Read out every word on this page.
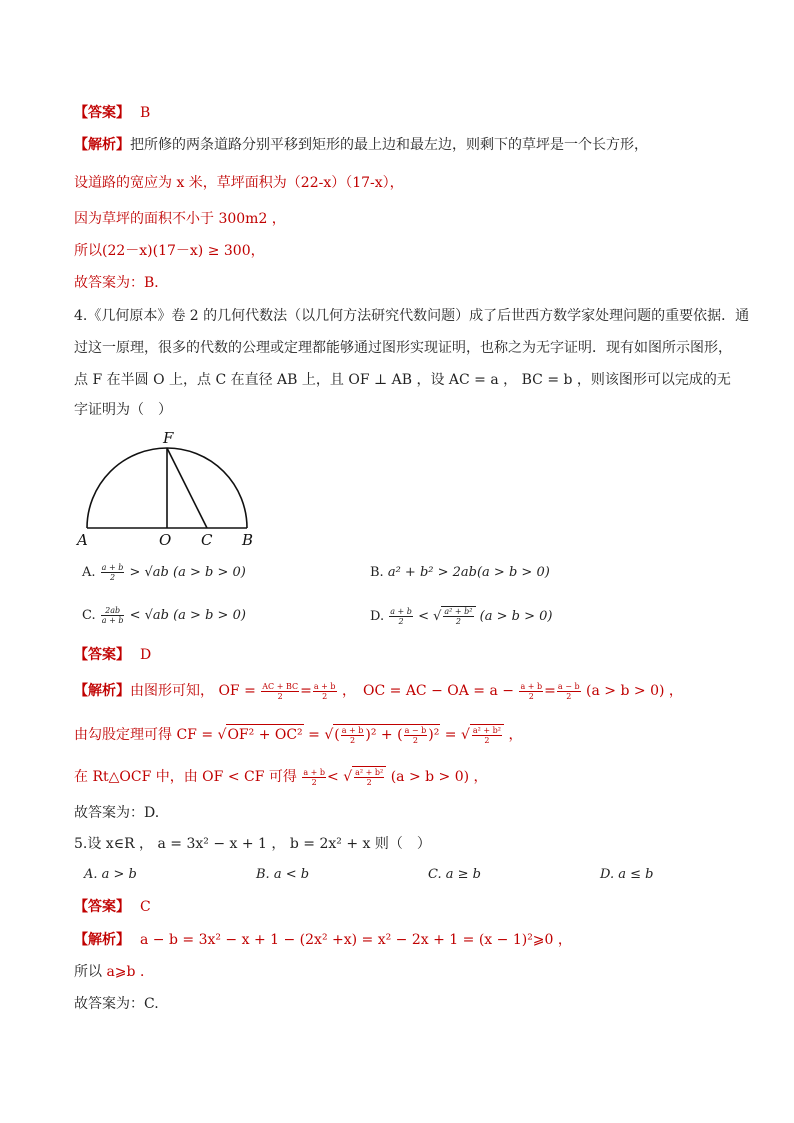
【答案】 B
【解析】把所修的两条道路分别平移到矩形的最上边和最左边，则剩下的草坪是一个长方形，
设道路的宽应为 x 米，草坪面积为（22-x）（17-x），
因为草坪的面积不小于 300m2 ，
所以(22－x)(17－x) ≥ 300，
故答案为：B．
4.《几何原本》卷 2 的几何代数法（以几何方法研究代数问题）成了后世西方数学家处理问题的重要依据．通
过这一原理，很多的代数的公理或定理都能够通过图形实现证明，也称之为无字证明．现有如图所示图形，
点 F 在半圆 O 上，点 C 在直径 AB 上，且 OF ⊥ AB ，设 AC = a ， BC = b ，则该图形可以完成的无
字证明为（　）
F
A	O C B
A. $\frac{a + b}{2} > √ab$ (a > b > 0)	B. a² + b² > 2ab(a > b > 0)
C. $\frac{2ab}{a + b} < √ab$ (a > b > 0)	D. $\frac{a + b}{2}$ < √ $\frac{\text{a² + b²}}{2} (a > b > 0)$
【答案】 D
【解析】由图形可知， OF = $\frac{AC + BC}{2} = \frac{a + b}{2}$ ，　OC = AC − OA = $a - \frac{a + b}{2} = \frac{a - b}{2} (a > b > 0)$ ，
由勾股定理可得 CF = √OF² + OC² = √( $\frac{a + b}{2} )^2$ + ( $\frac{a - b}{2} )^2$ = √ $\frac{\text{a² + b²}}{2}$ ，
在 Rt△OCF 中，由 OF < CF 可得 $\frac{a + b}{2}$ < √ $\frac{\text{a² + b²}}{2} (a > b > 0)$ ，
故答案为：D.
5.设 x∈R ， a = 3x² − x + 1 ， b = 2x² + x 则（　）
A. a > b	B. a < b	C. a ≥ b	D. a ≤ b
【答案】 C
【解析】 a − b = 3x² − x + 1 − (2x² +x) = x² − 2x + 1 = (x − 1)²⩾0 ，
所以 a⩾b ．
故答案为：C.
